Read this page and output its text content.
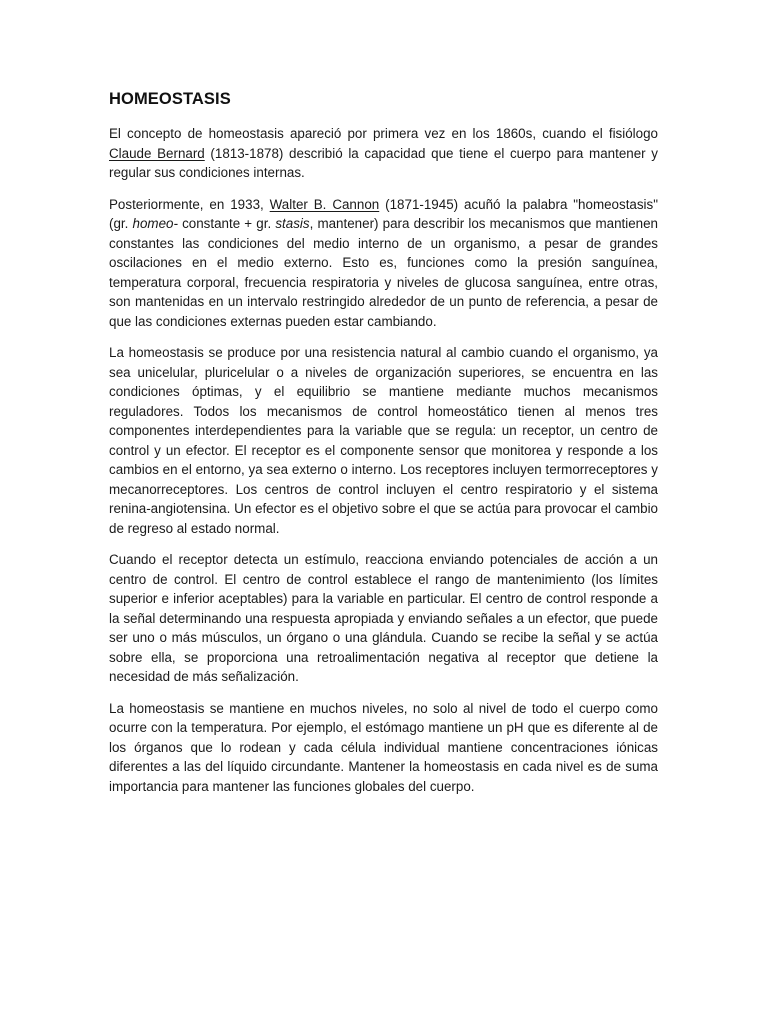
HOMEOSTASIS

El concepto de homeostasis apareció por primera vez en los 1860s, cuando el fisiólogo Claude Bernard (1813-1878) describió la capacidad que tiene el cuerpo para mantener y regular sus condiciones internas.

Posteriormente, en 1933, Walter B. Cannon (1871-1945) acuñó la palabra "homeostasis" (gr. homeo- constante + gr. stasis, mantener) para describir los mecanismos que mantienen constantes las condiciones del medio interno de un organismo, a pesar de grandes oscilaciones en el medio externo. Esto es, funciones como la presión sanguínea, temperatura corporal, frecuencia respiratoria y niveles de glucosa sanguínea, entre otras, son mantenidas en un intervalo restringido alrededor de un punto de referencia, a pesar de que las condiciones externas pueden estar cambiando.

La homeostasis se produce por una resistencia natural al cambio cuando el organismo, ya sea unicelular, pluricelular o a niveles de organización superiores, se encuentra en las condiciones óptimas, y el equilibrio se mantiene mediante muchos mecanismos reguladores. Todos los mecanismos de control homeostático tienen al menos tres componentes interdependientes para la variable que se regula: un receptor, un centro de control y un efector. El receptor es el componente sensor que monitorea y responde a los cambios en el entorno, ya sea externo o interno. Los receptores incluyen termorreceptores y mecanorreceptores. Los centros de control incluyen el centro respiratorio y el sistema renina-angiotensina. Un efector es el objetivo sobre el que se actúa para provocar el cambio de regreso al estado normal.

Cuando el receptor detecta un estímulo, reacciona enviando potenciales de acción a un centro de control. El centro de control establece el rango de mantenimiento (los límites superior e inferior aceptables) para la variable en particular. El centro de control responde a la señal determinando una respuesta apropiada y enviando señales a un efector, que puede ser uno o más músculos, un órgano o una glándula. Cuando se recibe la señal y se actúa sobre ella, se proporciona una retroalimentación negativa al receptor que detiene la necesidad de más señalización.

La homeostasis se mantiene en muchos niveles, no solo al nivel de todo el cuerpo como ocurre con la temperatura. Por ejemplo, el estómago mantiene un pH que es diferente al de los órganos que lo rodean y cada célula individual mantiene concentraciones iónicas diferentes a las del líquido circundante. Mantener la homeostasis en cada nivel es de suma importancia para mantener las funciones globales del cuerpo.
